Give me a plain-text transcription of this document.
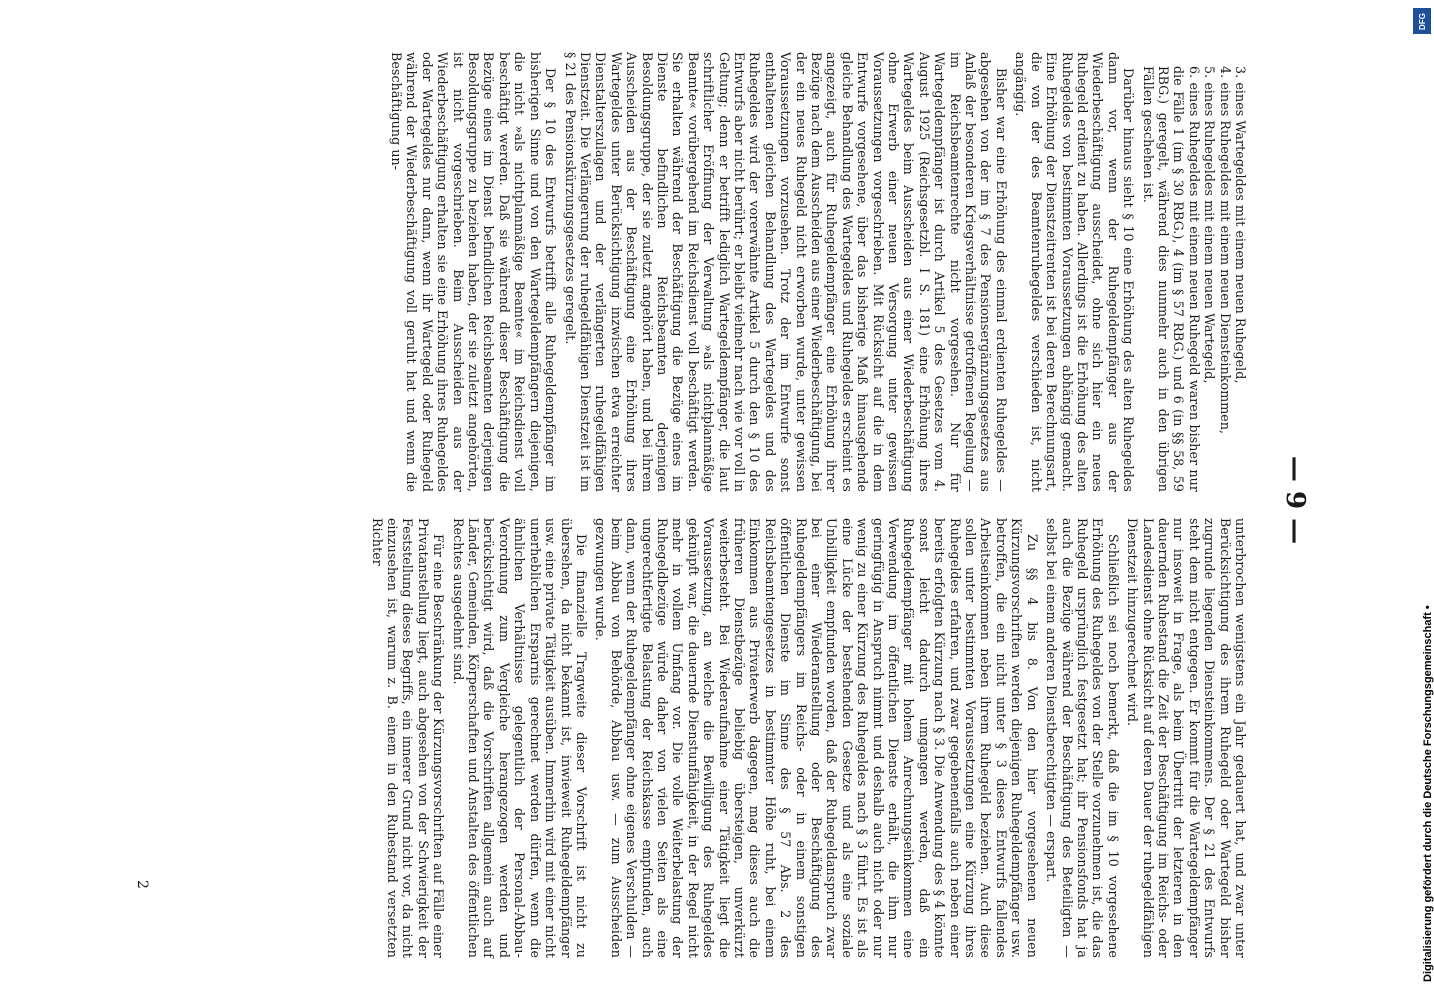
— 9 —

3. eines Wartegeldes mit einem neuen Ruhegeld,

4. eines Ruhegeldes mit einem neuen Diensteinkommen,

5. eines Ruhegeldes mit einem neuen Wartegeld,

6. eines Ruhegeldes mit einem neuen Ruhegeld waren bisher nur die Fälle 1 (im § 30 RBG.), 4 (im § 57 RBG.) und 6 (in §§ 58, 59 RBG.) geregelt, während dies nunmehr auch in den übrigen Fällen geschehen ist.

Darüber hinaus sieht § 10 eine Erhöhung des alten Ruhegeldes dann vor, wenn der Ruhegeldempfänger aus der Wiederbeschäftigung ausscheidet, ohne sich hier ein neues Ruhegeld erdient zu haben. Allerdings ist die Erhöhung des alten Ruhegeldes von bestimmten Voraussetzungen abhängig gemacht. Eine Erhöhung der Dienstzeitrenten ist bei deren Berechnungsart, die von der des Beamtenruhegeldes verschieden ist, nicht angängig.

Bisher war eine Erhöhung des einmal erdienten Ruhegeldes — abgesehen von der im § 7 des Pensionsergänzungsgesetzes aus Anlaß der besonderen Kriegsverhältnisse getroffenen Regelung — im Reichsbeamtenrechte nicht vorgesehen. Nur für Wartegeldempfänger ist durch Artikel 5 des Gesetzes vom 4. August 1925 (Reichsgesetzbl. I S. 181) eine Erhöhung ihres Wartegeldes beim Ausscheiden aus einer Wiederbeschäftigung ohne Erwerb einer neuen Versorgung unter gewissen Voraussetzungen vorgeschrieben. Mit Rücksicht auf die in dem Entwurfe vorgesehene, über das bisherige Maß hinausgehende gleiche Behandlung des Wartegeldes und Ruhegeldes erscheint es angezeigt, auch für Ruhegeldempfänger eine Erhöhung ihrer Bezüge nach dem Ausscheiden aus einer Wiederbeschäftigung, bei der ein neues Ruhegeld nicht erworben wurde, unter gewissen Voraussetzungen vorzusehen. Trotz der im Entwurfe sonst enthaltenen gleichen Behandlung des Wartegeldes und des Ruhegeldes wird der vorerwähnte Artikel 5 durch den § 10 des Entwurfs aber nicht berührt; er bleibt vielmehr nach wie vor voll in Geltung; denn er betrifft lediglich Wartegeldempfänger, die laut schriftlicher Eröffnung der Verwaltung »als nichtplanmäßige Beamte« vorübergehend im Reichsdienst voll beschäftigt werden. Sie erhalten während der Beschäftigung die Bezüge eines im Dienste befindlichen Reichsbeamten derjenigen Besoldungsgruppe, der sie zuletzt angehört haben, und bei ihrem Ausscheiden aus der Beschäftigung eine Erhöhung ihres Wartegeldes unter Berücksichtigung inzwischen etwa erreichter Dienstalterszulagen und der verlängerten ruhegeldfähigen Dienstzeit. Die Verlängerung der ruhegeldfähigen Dienstzeit ist im § 21 des Pensionskürzungsgesetzes geregelt.

Der § 10 des Entwurfs betrifft alle Ruhegeldempfänger im bisherigen Sinne und von den Wartegeldempfängern diejenigen, die nicht »als nichtplanmäßige Beamte« im Reichsdienst voll beschäftigt werden. Daß sie während dieser Beschäftigung die Bezüge eines im Dienst befindlichen Reichsbeamten derjenigen Besoldungsgruppe zu beziehen haben, der sie zuletzt angehörten, ist nicht vorgeschrieben. Beim Ausscheiden aus der Wiederbeschäftigung erhalten sie eine Erhöhung ihres Ruhegeldes oder Wartegeldes nur dann, wenn ihr Wartegeld oder Ruhegeld während der Wiederbeschäftigung voll geruht hat und wenn die Beschäftigung un-

unterbrochen wenigstens ein Jahr gedauert hat, und zwar unter Berücksichtigung des ihrem Ruhegeld oder Wartegeld bisher zugrunde liegenden Diensteinkommens. Der § 21 des Entwurfs steht dem nicht entgegen. Er kommt für die Wartegeldempfänger nur insoweit in Frage, als beim Übertritt der letzteren in den dauernden Ruhestand die Zeit der Beschäftigung im Reichs- oder Landesdienst ohne Rücksicht auf deren Dauer der ruhegeldfähigen Dienstzeit hinzugerechnet wird.

Schließlich sei noch bemerkt, daß die im § 10 vorgesehene Erhöhung des Ruhegeldes von der Stelle vorzunehmen ist, die das Ruhegeld ursprünglich festgesetzt hat; ihr Pensionsfonds hat ja auch die Bezüge während der Beschäftigung des Beteiligten — selbst bei einem anderen Dienstberechtigten — erspart.

Zu §§ 4 bis 8. Von den hier vorgesehenen neuen Kürzungsvorschriften werden diejenigen Ruhegeldempfänger usw. betroffen, die ein nicht unter § 3 dieses Entwurfs fallendes Arbeitseinkommen neben ihrem Ruhegeld beziehen. Auch diese sollen unter bestimmten Voraussetzungen eine Kürzung ihres Ruhegeldes erfahren, und zwar gegebenenfalls auch neben einer bereits erfolgten Kürzung nach § 3. Die Anwendung des § 4 könnte sonst leicht dadurch umgangen werden, daß ein Ruhegeldempfänger mit hohem Anrechnungseinkommen eine Verwendung im öffentlichen Dienste erhält, die ihm nur geringfügig in Anspruch nimmt und deshalb auch nicht oder nur wenig zu einer Kürzung des Ruhegeldes nach § 3 führt. Es ist als eine Lücke der bestehenden Gesetze und als eine soziale Unbilligkeit empfunden worden, daß der Ruhegeldanspruch zwar bei einer Wiederanstellung oder Beschäftigung des Ruhegeldempfängers im Reichs- oder in einem sonstigen öffentlichen Dienste im Sinne des § 57 Abs. 2 des Reichsbeamtengesetzes in bestimmter Höhe ruht, bei einem Einkommen aus Privaterwerb dagegen, mag dieses auch die früheren Dienstbezüge beliebig übersteigen, unverkürzt weiterbesteht. Bei Wiederaufnahme einer Tätigkeit liegt die Voraussetzung, an welche die Bewilligung des Ruhegeldes geknüpft war, die dauernde Dienstunfähigkeit, in der Regel nicht mehr in vollem Umfang vor. Die volle Weiterbelastung der Ruhegeldbezüge würde daher von vielen Seiten als eine ungerechtfertigte Belastung der Reichskasse empfunden, auch dann, wenn der Ruhegeldempfänger ohne eigenes Verschulden — beim Abbau von Behörde, Abbau usw. — zum Ausscheiden gezwungen wurde.

Die finanzielle Tragweite dieser Vorschrift ist nicht zu übersehen, da nicht bekannt ist, inwieweit Ruhegeldempfänger usw. eine private Tätigkeit ausüben. Immerhin wird mit einer nicht unerheblichen Ersparnis gerechnet werden dürfen, wenn die ähnlichen Verhältnisse gelegentlich der Personal-Abbau-Verordnung zum Vergleiche herangezogen werden und berücksichtigt wird, daß die Vorschriften allgemein auch auf Länder, Gemeinden, Körperschaften und Anstalten des öffentlichen Rechtes ausgedehnt sind.

Für eine Beschränkung der Kürzungsvorschriften auf Fälle einer Privatanstellung liegt, auch abgesehen von der Schwierigkeit der Feststellung dieses Begriffs, ein innerer Grund nicht vor, da nicht einzusehen ist, warum z. B. einem in den Ruhestand versetzten Richter

2
DFG
Digitalisierung gefördert durch die Deutsche Forschungsgemeinschaft •
